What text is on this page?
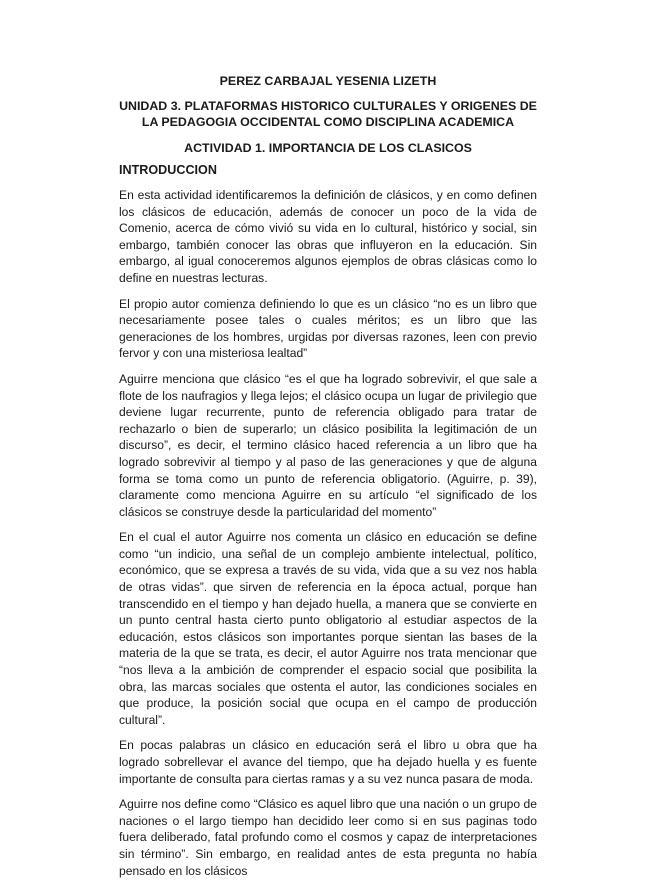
PEREZ CARBAJAL YESENIA LIZETH

UNIDAD 3. PLATAFORMAS HISTORICO CULTURALES Y ORIGENES DE LA PEDAGOGIA OCCIDENTAL COMO DISCIPLINA ACADEMICA

ACTIVIDAD 1. IMPORTANCIA DE LOS CLASICOS

INTRODUCCION

En esta actividad identificaremos la definición de clásicos, y en como definen los clásicos de educación, además de conocer un poco de la vida de Comenio, acerca de cómo vivió su vida en lo cultural, histórico y social, sin embargo, también conocer las obras que influyeron en la educación. Sin embargo, al igual conoceremos algunos ejemplos de obras clásicas como lo define en nuestras lecturas.

El propio autor comienza definiendo lo que es un clásico “no es un libro que necesariamente posee tales o cuales méritos; es un libro que las generaciones de los hombres, urgidas por diversas razones, leen con previo fervor y con una misteriosa lealtad”

Aguirre menciona que clásico “es el que ha logrado sobrevivir, el que sale a flote de los naufragios y llega lejos; el clásico ocupa un lugar de privilegio que deviene lugar recurrente, punto de referencia obligado para tratar de rechazarlo o bien de superarlo; un clásico posibilita la legitimación de un discurso”, es decir, el termino clásico haced referencia a un libro que ha logrado sobrevivir al tiempo y al paso de las generaciones y que de alguna forma se toma como un punto de referencia obligatorio. (Aguirre, p. 39), claramente como menciona Aguirre en su artículo “el significado de los clásicos se construye desde la particularidad del momento”

En el cual el autor Aguirre nos comenta un clásico en educación se define como “un indicio, una señal de un complejo ambiente intelectual, político, económico, que se expresa a través de su vida, vida que a su vez nos habla de otras vidas”. que sirven de referencia en la época actual, porque han transcendido en el tiempo y han dejado huella, a manera que se convierte en un punto central hasta cierto punto obligatorio al estudiar aspectos de la educación, estos clásicos son importantes porque sientan las bases de la materia de la que se trata, es decir, el autor Aguirre nos trata mencionar que “nos lleva a la ambición de comprender el espacio social que posibilita la obra, las marcas sociales que ostenta el autor, las condiciones sociales en que produce, la posición social que ocupa en el campo de producción cultural”.

En pocas palabras un clásico en educación será el libro u obra que ha logrado sobrellevar el avance del tiempo, que ha dejado huella y es fuente importante de consulta para ciertas ramas y a su vez nunca pasara de moda.

Aguirre nos define como “Clásico es aquel libro que una nación o un grupo de naciones o el largo tiempo han decidido leer como si en sus paginas todo fuera deliberado, fatal profundo como el cosmos y capaz de interpretaciones sin término”. Sin embargo, en realidad antes de esta pregunta no había pensado en los clásicos
